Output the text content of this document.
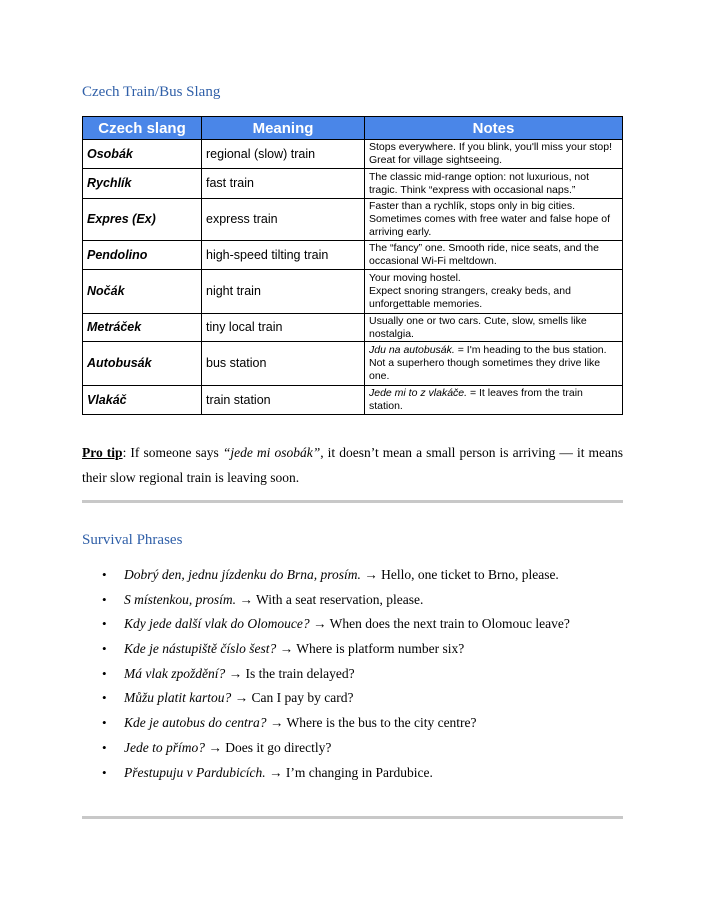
Czech Train/Bus Slang
Czech slang	Meaning	Notes
Osobák	regional (slow) train	Stops everywhere. If you blink, you'll miss your stop!
Great for village sightseeing.

Rychlík	fast train	The classic mid-range option: not luxurious, not
tragic. Think “express with occasional naps.”

Expres (Ex)	express train	Faster than a rychlík, stops only in big cities.
Sometimes comes with free water and false hope of
arriving early.

Pendolino	high-speed tilting train	The “fancy” one. Smooth ride, nice seats, and the
occasional Wi-Fi meltdown.

Nočák	night train	Your moving hostel.
Expect snoring strangers, creaky beds, and
unforgettable memories.

Metráček	tiny local train	Usually one or two cars. Cute, slow, smells like
nostalgia.

Autobusák	bus station	Jdu na autobusák. = I'm heading to the bus station.
Not a superhero though sometimes they drive like
one.

Vlakáč	train station	Jede mi to z vlakáče. = It leaves from the train
station.

Pro tip: If someone says “jede mi osobák”, it doesn’t mean a small person is arriving — it means their slow regional train is leaving soon.

Survival Phrases
• Dobrý den, jednu jízdenku do Brna, prosím. → Hello, one ticket to Brno, please.
• S místenkou, prosím. → With a seat reservation, please.
• Kdy jede další vlak do Olomouce? → When does the next train to Olomouc leave?
• Kde je nástupiště číslo šest? → Where is platform number six?
• Má vlak zpoždění? → Is the train delayed?
• Můžu platit kartou? → Can I pay by card?
• Kde je autobus do centra? → Where is the bus to the city centre?
• Jede to přímo? → Does it go directly?
• Přestupuju v Pardubicích. → I’m changing in Pardubice.
